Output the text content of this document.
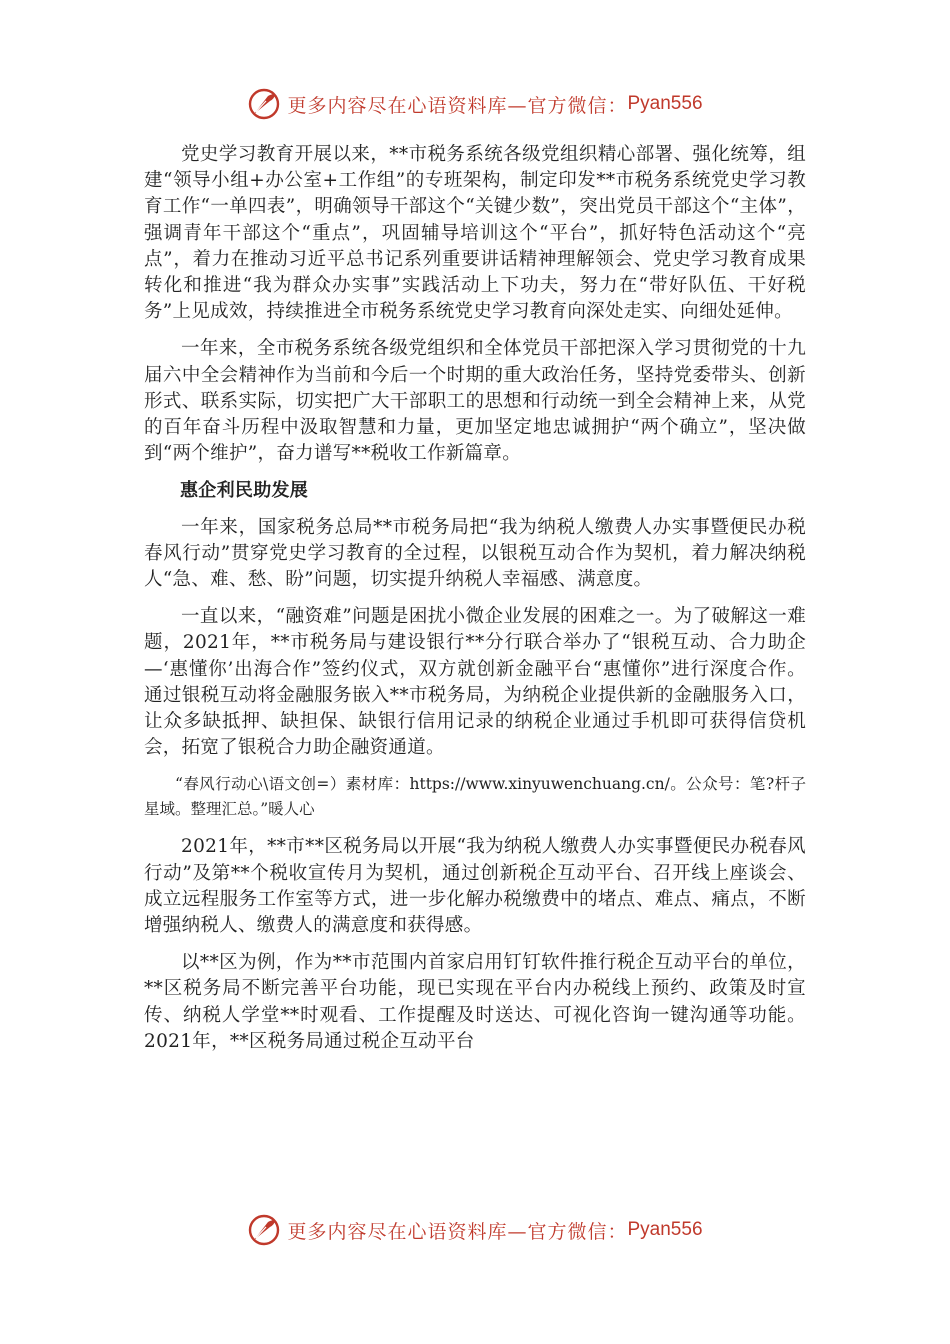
更多内容尽在心语资料库—官方微信： Pyan556

党史学习教育开展以来，**市税务系统各级党组织精心部署、强化统筹，组建“领导小组+办公室+工作组”的专班架构，制定印发**市税务系统党史学习教育工作“一单四表”，明确领导干部这个“关键少数”，突出党员干部这个“主体”，强调青年干部这个“重点”，巩固辅导培训这个“平台”，抓好特色活动这个“亮点”，着力在推动习近平总书记系列重要讲话精神理解领会、党史学习教育成果转化和推进“我为群众办实事”实践活动上下功夫，努力在“带好队伍、干好税务”上见成效，持续推进全市税务系统党史学习教育向深处走实、向细处延伸。

一年来，全市税务系统各级党组织和全体党员干部把深入学习贯彻党的十九届六中全会精神作为当前和今后一个时期的重大政治任务，坚持党委带头、创新形式、联系实际，切实把广大干部职工的思想和行动统一到全会精神上来，从党的百年奋斗历程中汲取智慧和力量，更加坚定地忠诚拥护“两个确立”，坚决做到“两个维护”，奋力谱写**税收工作新篇章。

惠企利民助发展

一年来，国家税务总局**市税务局把“我为纳税人缴费人办实事暨便民办税春风行动”贯穿党史学习教育的全过程，以银税互动合作为契机，着力解决纳税人“急、难、愁、盼”问题，切实提升纳税人幸福感、满意度。

一直以来，“融资难”问题是困扰小微企业发展的困难之一。为了破解这一难题，2021年，**市税务局与建设银行**分行联合举办了“银税互动、合力助企—‘惠懂你’出海合作”签约仪式，双方就创新金融平台“惠懂你”进行深度合作。通过银税互动将金融服务嵌入**市税务局，为纳税企业提供新的金融服务入口，让众多缺抵押、缺担保、缺银行信用记录的纳税企业通过手机即可获得信贷机会，拓宽了银税合力助企融资通道。

“春风行动心\语文创=）素材库：https://www.xinyuwenchuang.cn/。公众号：笔?杆子星域。整理汇总。”暖人心

2021年，**市**区税务局以开展“我为纳税人缴费人办实事暨便民办税春风行动”及第**个税收宣传月为契机，通过创新税企互动平台、召开线上座谈会、成立远程服务工作室等方式，进一步化解办税缴费中的堵点、难点、痛点，不断增强纳税人、缴费人的满意度和获得感。

以**区为例，作为**市范围内首家启用钉钉软件推行税企互动平台的单位，**区税务局不断完善平台功能，现已实现在平台内办税线上预约、政策及时宣传、纳税人学堂**时观看、工作提醒及时送达、可视化咨询一键沟通等功能。2021年，**区税务局通过税企互动平台

更多内容尽在心语资料库—官方微信： Pyan556
